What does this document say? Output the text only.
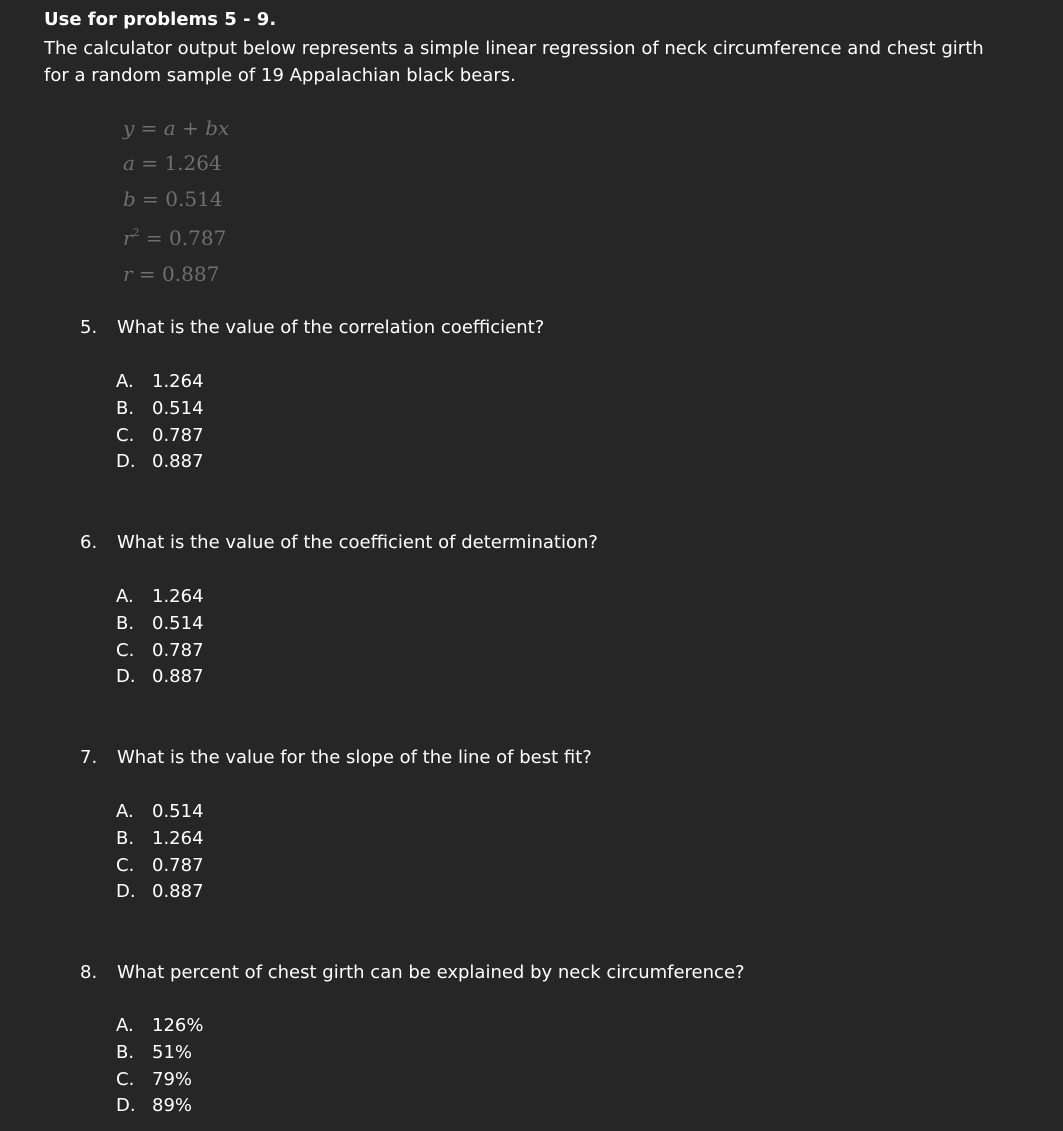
Use for problems 5 - 9.
The calculator output below represents a simple linear regression of neck circumference and chest girth
for a random sample of 19 Appalachian black bears.
y = a + bx
a = 1.264
b = 0.514
$r^2 = 0.787$
r = 0.887
5. What is the value of the correlation coefficient?
A. 1.264
B. 0.514
C. 0.787
D. 0.887
6. What is the value of the coefficient of determination?
A. 1.264
B. 0.514
C. 0.787
D. 0.887
7. What is the value for the slope of the line of best fit?
A. 0.514
B. 1.264
C. 0.787
D. 0.887
8. What percent of chest girth can be explained by neck circumference?
A. 126%
B. 51%
C. 79%
D. 89%
